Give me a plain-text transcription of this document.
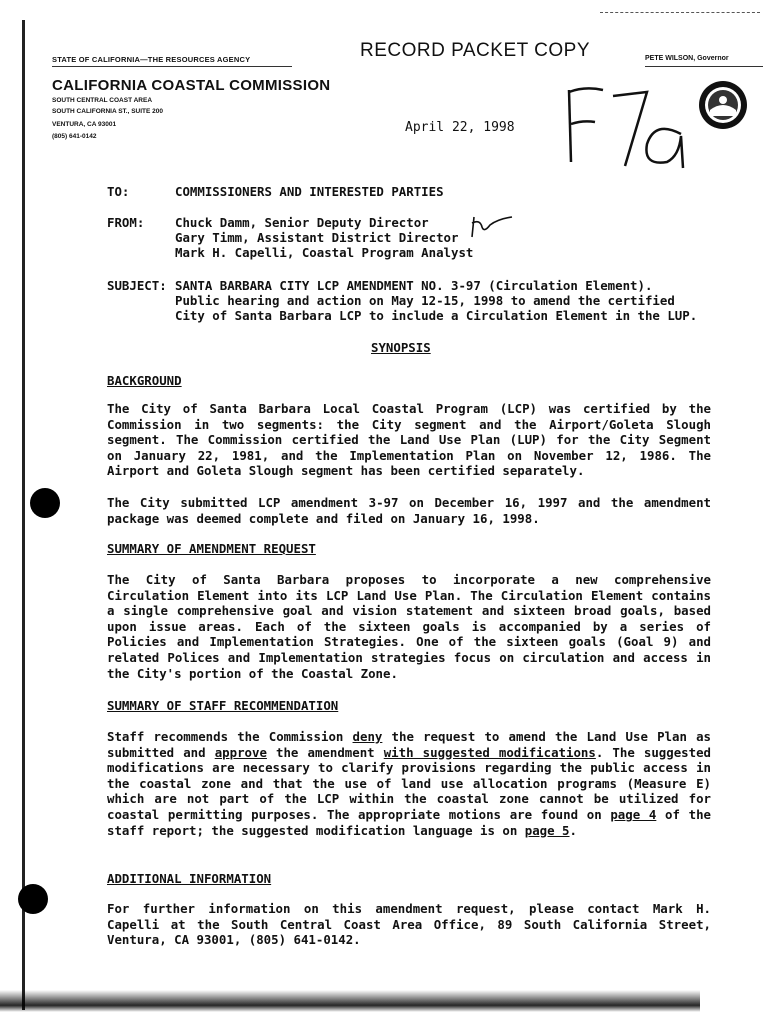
STATE OF CALIFORNIA—THE RESOURCES AGENCY	RECORD PACKET COPY	PETE WILSON, Governor
CALIFORNIA COASTAL COMMISSION
SOUTH CENTRAL COAST AREA
SOUTH CALIFORNIA ST., SUITE 200
VENTURA, CA 93001
(805) 641-0142
April 22, 1998
TO:	COMMISSIONERS AND INTERESTED PARTIES
FROM: Chuck Damm, Senior Deputy Director
Gary Timm, Assistant District Director
Mark H. Capelli, Coastal Program Analyst
SUBJECT: SANTA BARBARA CITY LCP AMENDMENT NO. 3-97 (Circulation Element).
Public hearing and action on May 12-15, 1998 to amend the certified
City of Santa Barbara LCP to include a Circulation Element in the LUP.
SYNOPSIS
BACKGROUND
The City of Santa Barbara Local Coastal Program (LCP) was certified by the Commission in two segments: the City segment and the Airport/Goleta Slough segment. The Commission certified the Land Use Plan (LUP) for the City Segment on January 22, 1981, and the Implementation Plan on November 12, 1986. The Airport and Goleta Slough segment has been certified separately.
The City submitted LCP amendment 3-97 on December 16, 1997 and the amendment package was deemed complete and filed on January 16, 1998.
SUMMARY OF AMENDMENT REQUEST
The City of Santa Barbara proposes to incorporate a new comprehensive Circulation Element into its LCP Land Use Plan. The Circulation Element contains a single comprehensive goal and vision statement and sixteen broad goals, based upon issue areas. Each of the sixteen goals is accompanied by a series of Policies and Implementation Strategies. One of the sixteen goals (Goal 9) and related Polices and Implementation strategies focus on circulation and access in the City's portion of the Coastal Zone.
SUMMARY OF STAFF RECOMMENDATION
Staff recommends the Commission deny the request to amend the Land Use Plan as submitted and approve the amendment with suggested modifications. The suggested modifications are necessary to clarify provisions regarding the public access in the coastal zone and that the use of land use allocation programs (Measure E) which are not part of the LCP within the coastal zone cannot be utilized for coastal permitting purposes. The appropriate motions are found on page 4 of the staff report; the suggested modification language is on page 5.
ADDITIONAL INFORMATION
For further information on this amendment request, please contact Mark H. Capelli at the South Central Coast Area Office, 89 South California Street, Ventura, CA 93001, (805) 641-0142.
